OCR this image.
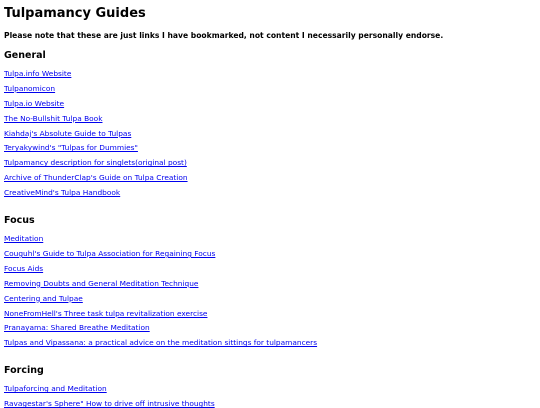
Tulpamancy Guides

Please note that these are just links I have bookmarked, not content I necessarily personally endorse.

General
Tulpa.info Website
Tulpanomicon
Tulpa.io Website
The No-Bullshit Tulpa Book
Kiahdaj's Absolute Guide to Tulpas
Teryakywind's "Tulpas for Dummies"
Tulpamancy description for singlets(original post)
Archive of ThunderClap's Guide on Tulpa Creation
CreativeMind's Tulpa Handbook
Focus
Meditation
Couguhl's Guide to Tulpa Association for Regaining Focus
Focus Aids
Removing Doubts and General Meditation Technique
Centering and Tulpae
NoneFromHell's Three task tulpa revitalization exercise
Pranayama: Shared Breathe Meditation
Tulpas and Vipassana: a practical advice on the meditation sittings for tulpamancers
Forcing
Tulpaforcing and Meditation
Ravagestar's Sphere" How to drive off intrusive thoughts
